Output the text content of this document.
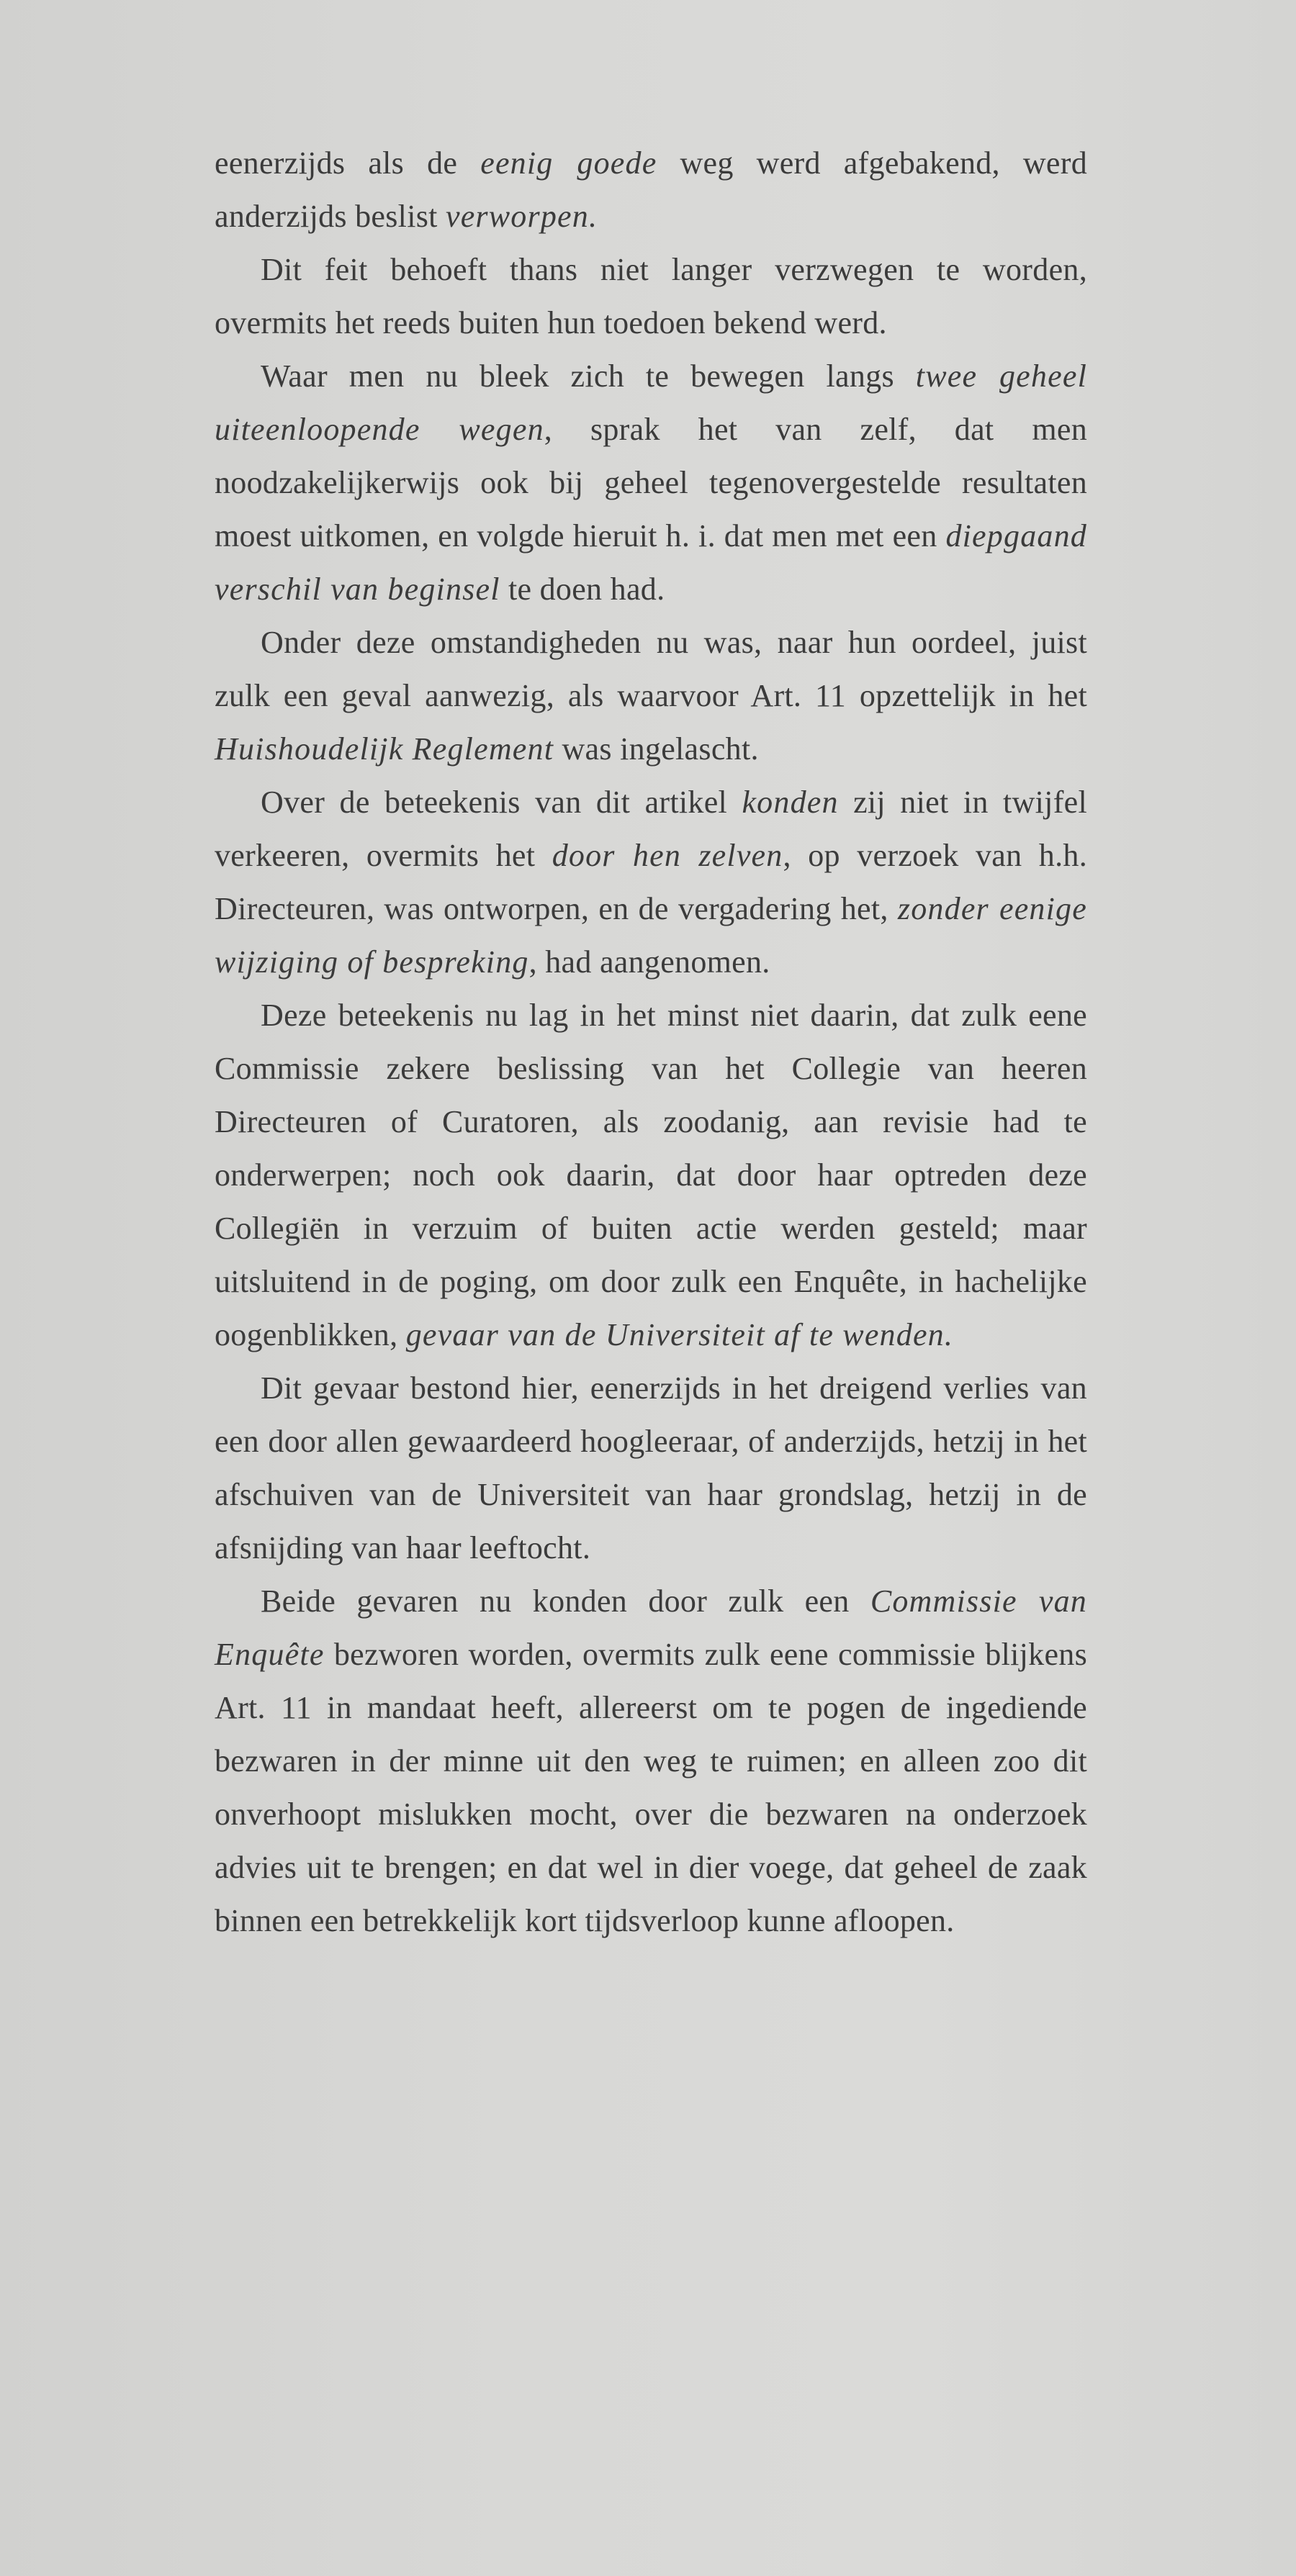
eenerzijds als de eenig goede weg werd afgebakend, werd anderzijds beslist verworpen.

Dit feit behoeft thans niet langer verzwegen te worden, overmits het reeds buiten hun toedoen bekend werd.

Waar men nu bleek zich te bewegen langs twee geheel uiteenloopende wegen, sprak het van zelf, dat men noodzakelijkerwijs ook bij geheel tegenovergestelde resultaten moest uitkomen, en volgde hieruit h. i. dat men met een diepgaand verschil van beginsel te doen had.

Onder deze omstandigheden nu was, naar hun oordeel, juist zulk een geval aanwezig, als waarvoor Art. 11 opzettelijk in het Huishoudelijk Reglement was ingelascht.

Over de beteekenis van dit artikel konden zij niet in twijfel verkeeren, overmits het door hen zelven, op verzoek van h.h. Directeuren, was ontworpen, en de vergadering het, zonder eenige wijziging of bespreking, had aangenomen.

Deze beteekenis nu lag in het minst niet daarin, dat zulk eene Commissie zekere beslissing van het Collegie van heeren Directeuren of Curatoren, als zoodanig, aan revisie had te onderwerpen; noch ook daarin, dat door haar optreden deze Collegiën in verzuim of buiten actie werden gesteld; maar uitsluitend in de poging, om door zulk een Enquête, in hachelijke oogenblikken, gevaar van de Universiteit af te wenden.

Dit gevaar bestond hier, eenerzijds in het dreigend verlies van een door allen gewaardeerd hoogleeraar, of anderzijds, hetzij in het afschuiven van de Universiteit van haar grondslag, hetzij in de afsnijding van haar leeftocht.

Beide gevaren nu konden door zulk een Commissie van Enquête bezworen worden, overmits zulk eene commissie blijkens Art. 11 in mandaat heeft, allereerst om te pogen de ingediende bezwaren in der minne uit den weg te ruimen; en alleen zoo dit onverhoopt mislukken mocht, over die bezwaren na onderzoek advies uit te brengen; en dat wel in dier voege, dat geheel de zaak binnen een betrekkelijk kort tijdsverloop kunne afloopen.
